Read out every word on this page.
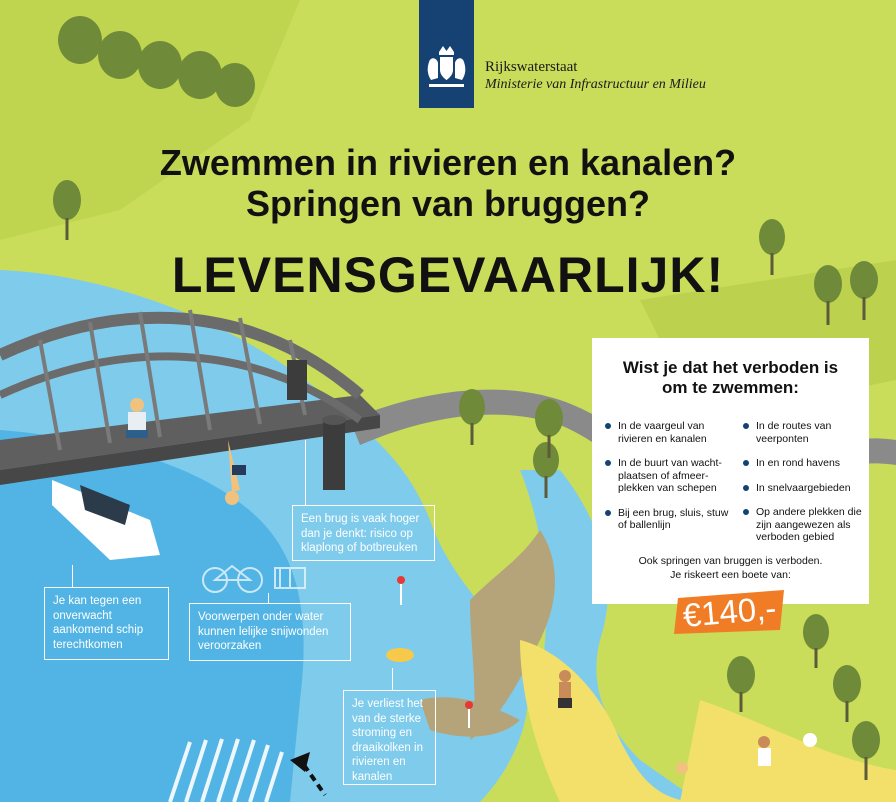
Rijkswaterstaat
Ministerie van Infrastructuur en Milieu
Zwemmen in rivieren en kanalen?
Springen van bruggen?
LEVENSGEVAARLIJK!
Wist je dat het verboden is om te zwemmen:
In de vaargeul van rivieren en kanalen
In de buurt van wacht-plaatsen of afmeer-plekken van schepen
Bij een brug, sluis, stuw of ballenlijn
In de routes van veerponten
In en rond havens
In snelvaargebieden
Op andere plekken die zijn aangewezen als verboden gebied
Ook springen van bruggen is verboden.
Je riskeert een boete van:
€140,-
Een brug is vaak hoger dan je denkt: risico op klaplong of botbreuken
Je kan tegen een onverwacht aankomend schip terechtkomen
Voorwerpen onder water kunnen lelijke snijwonden veroorzaken
Je verliest het van de sterke stroming en draaikolken in rivieren en kanalen
